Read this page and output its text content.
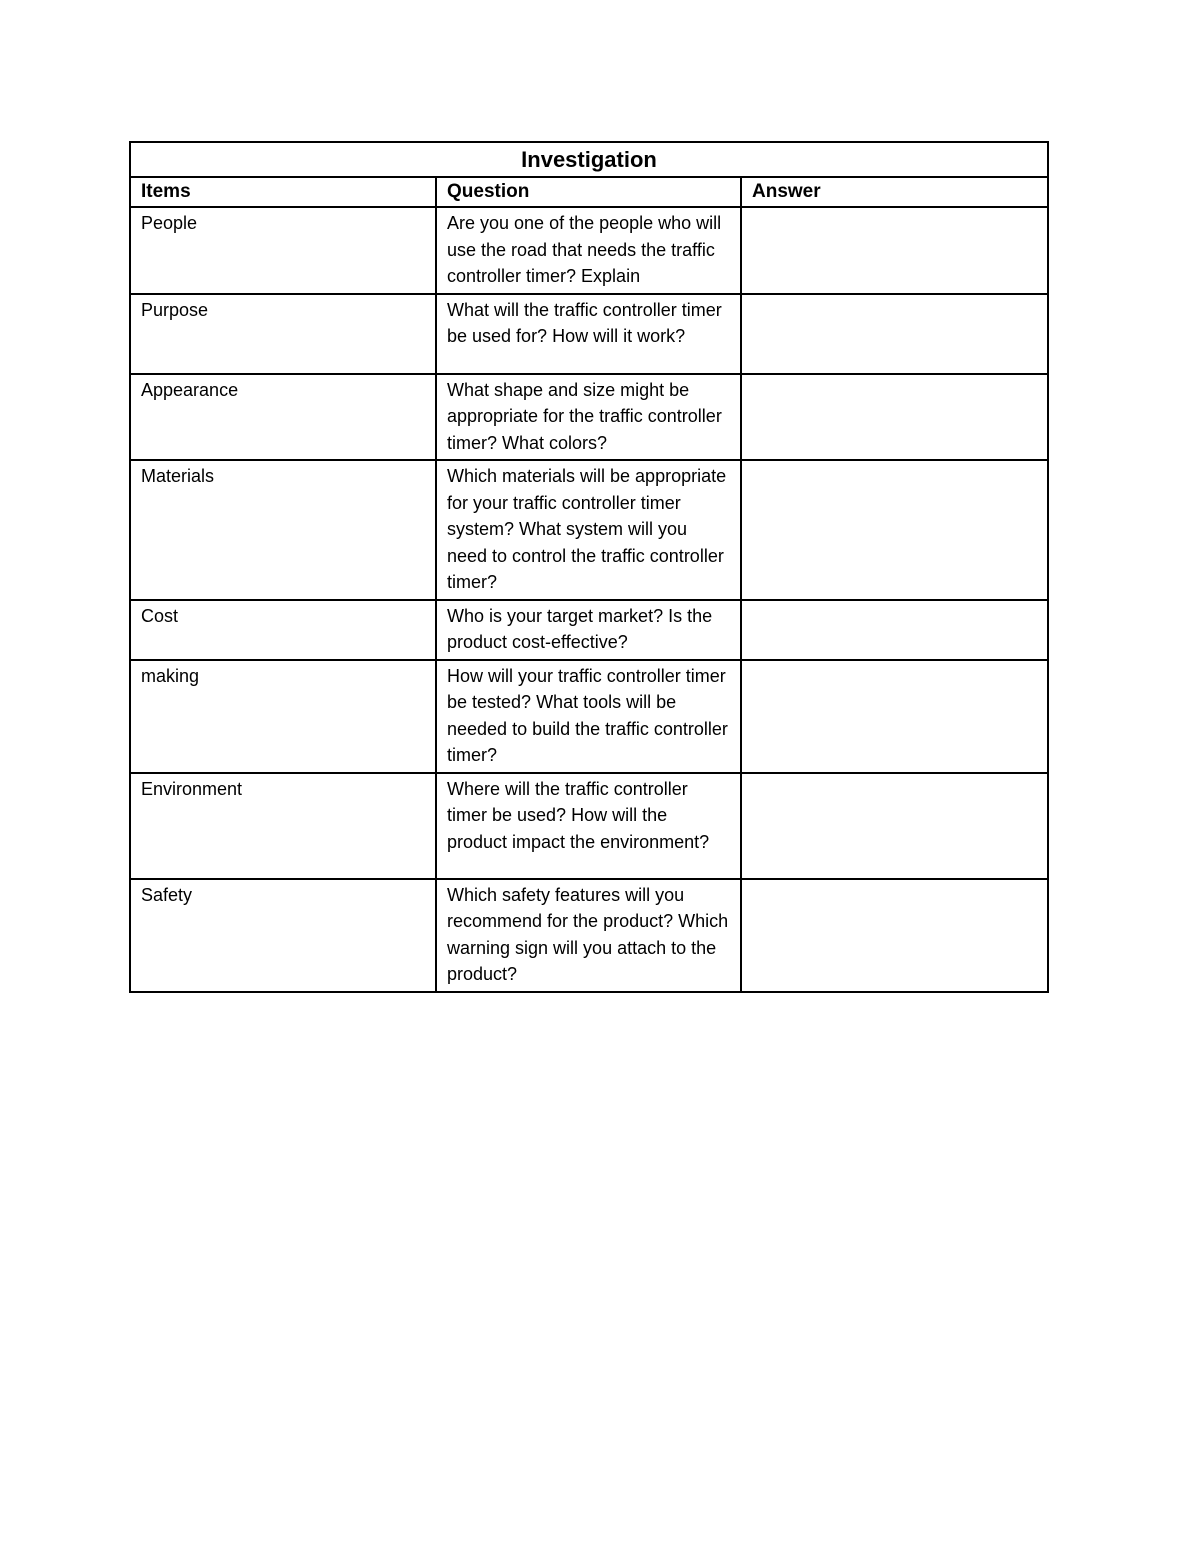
Investigation		
Items	Question	Answer
People	Are you one of the people who will use the road that needs the traffic controller timer? Explain	
Purpose	What will the traffic controller timer be used for? How will it work?	
Appearance	What shape and size might be appropriate for the traffic controller timer? What colors?	
Materials	Which materials will be appropriate for your traffic controller timer system? What system will you need to control the traffic controller timer?	
Cost	Who is your target market? Is the product cost-effective?	
making	How will your traffic controller timer be tested? What tools will be needed to build the traffic controller timer?	
Environment	Where will the traffic controller timer be used? How will the product impact the environment?	
Safety	Which safety features will you recommend for the product? Which warning sign will you attach to the product?	
